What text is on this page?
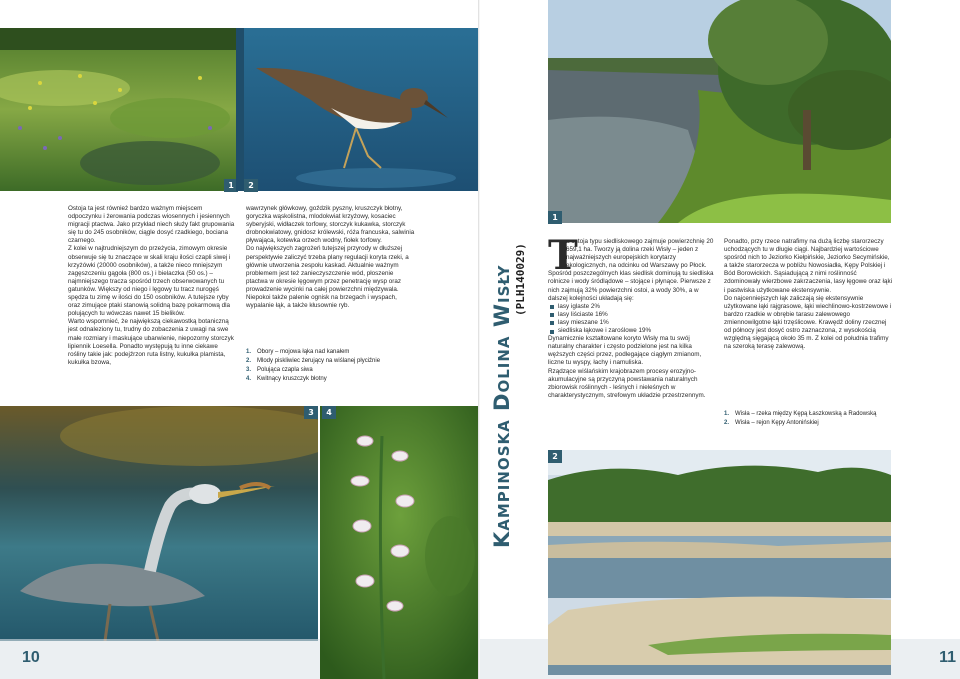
1	2

Ostoja ta jest również bardzo ważnym miejscem odpoczynku i żerowania podczas wiosennych i jesiennych migracji ptactwa. Jako przykład niech służy fakt grupowania się tu do 245 osobników, ciągle dosyć rzadkiego, bociana czarnego.

Z kolei w najtrudniejszym do przeżycia, zimowym okresie obserwuje się tu znaczące w skali kraju ilości czapli siwej i krzyżówki (20000 osobników), a także nieco mniejszym zagęszczeniu gągoła (800 os.) i bielaczka (50 os.) – najmniejszego tracza spośród trzech obserwowanych tu gatunków. Większy od niego i lęgowy tu tracz nurogęś spędza tu zimę w ilości do 150 osobników. A tutejsze ryby oraz zimujące ptaki stanowią solidną bazę pokarmową dla polujących tu wówczas nawet 15 bielików.

Warto wspomnieć, że największą ciekawostką botaniczną jest odnaleziony tu, trudny do zobaczenia z uwagi na swe małe rozmiary i maskujące ubarwienie, niepozorny storczyk lipiennik Loesella. Ponadto występują tu inne ciekawe rośliny takie jak: podejźrzon ruta listny, kukułka plamista, kukułka bzowa,

wawrzynek główkowy, goździk pyszny, kruszczyk błotny, goryczka wąskolistna, mlodokwiat krzyżowy, kosaciec syberyjski, widłaczek torfowy, storczyk kukawka, storczyk drobnokwiatowy, gnidosz królewski, róża francuska, salwinia pływająca, kotewka orzech wodny, fiołek torfowy.

Do największych zagrożeń tutejszej przyrody w dłuższej perspektywie zaliczyć trzeba plany regulacji koryta rzeki, a głównie utworzenia zespołu kaskad. Aktualnie ważnym problemem jest też zanieczyszczenie wód, płoszenie ptactwa w okresie lęgowym przez penetrację wysp oraz prowadzenie wycinki na całej powierzchni międzywala. Niepokoi także palenie ognisk na brzegach i wyspach, wypalanie łąk, a także kłusownie ryb.

1. Obory – mojowa łąka nad kanałem
2. Mlody piskliwiec żerujący na wiślanej płyciźnie
3. Polująca czapla siwa
4. Kwitnący kruszczyk błotny
3	4
10
1
T

a ostoja typu siedliskowego zajmuje powierzchnię 20 659,1 ha. Tworzy ją dolina rzeki Wisły – jeden z najważniejszych europejskich korytarzy ekologicznych, na odcinku od Warszawy po Płock.

Spośród poszczególnych klas siedlisk dominują tu siedliska rolnicze i wody śródlądowe – stojące i płynące. Pierwsze z nich zajmują 32% powierzchni ostoi, a wody 30%, a w dalszej kolejności układają się:

lasy iglaste 2%
lasy liściaste 16%
lasy mieszane 1%
siedliska łąkowe i zaroślowe 19%

Dynamicznie kształtowane koryto Wisły ma tu swój naturalny charakter i często podzielone jest na kilka węższych części przez, podlegające ciągłym zmianom, liczne tu wyspy, łachy i namuliska.

Rządzące wiślańskim krajobrazem procesy erozyjno-akumulacyjne są przyczyną powstawania naturalnych zbiorowisk roślinnych - leśnych i nieleśnych w charakterystycznym, strefowym układzie przestrzennym.

Ponadto, przy rzece natrafimy na dużą liczbę starorzeczy uchodzących tu w długie ciągi. Najbardziej wartościowe spośród nich to Jeziorko Kiełpińskie, Jeziorko Secymińskie, a także starorzecza w pobliżu Nowosiadła, Kępy Polskiej i Bód Borowickich. Sąsiadującą z nimi roślinność zdominowały wierzbowe zakrzaczenia, lasy łęgowe oraz łąki i pastwiska użytkowane ekstensywnie.

Do najcenniejszych łąk zaliczają się ekstensywnie użytkowane łąki rajgrasowe, łąki wiechlinowo-kostrzewowe i bardzo rzadkie w obrębie tarasu zalewowego zmiennowilgotne łąki trzęślicowe. Krawędź doliny rzecznej od północy jest dosyć ostro zaznaczona, z wysokością względną sięgającą około 35 m. Z kolei od południa trafimy na szeroką terasę zalewową.

1. Wisła – rzeka między Kępą Łaszkowską a Radowską
2. Wisła – rejon Kępy Antonińskiej
2
11
Kampinoska Dolina Wisły (PLH140029)
